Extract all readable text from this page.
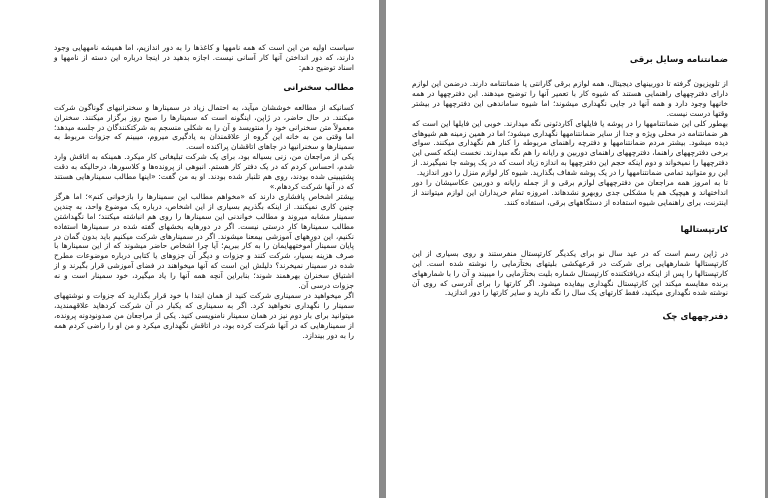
سیاست اولیه من این است که همه نامهها و کاغذها را به دور اندازیم، اما همیشه نامههایی وجود دارند، که دور انداختن آنها کار آسانی نیست. اجازه بدهید در اینجا درباره این دسته از نامهها و اسناد توضیح دهم:

مطالب سخنرانی

کسانیکه از مطالعه خوششان میآید، به احتمال زیاد در سمینارها و سخنرانیهای گوناگون شرکت میکنند. در حال حاضر، در ژاپن، اینگونه است که سمینارها را صبح روز برگزار میکنند. سخنران معمولاً متن سخنرانی خود را منتویسد و آن را به شکلی منسجم به شرکتکنندگان در جلسه میدهد؛ اما وقتی من به خانه این گروه از علاقمندان به یادگیری میروم، میبینم که جزوات مربوط به سمینارها و سخنرانیها در جاهای اتاقشان پراکنده است.

یکی از مراجعان من، زنی بسیاله بود، برای یک شرکت تبلیغاتی کار میکرد. همینکه به اتاقش وارد شدم، احساس کردم که در یک دفتر کار هستم. انبوهی از پرونده‌ها و کلاسورها، درحالیکه به دقت پشتیبینی شده بودند، روی هم تلنبار شده بودند. او به من گفت: «اینها مطالب سمینارهایی هستند که در آنها شرکت کردهام.»

بیشتر اشخاص پافشاری دارند که «مخواهم مطالب این سمینارها را بازخوانی کنم»؛ اما هرگز چنین کاری نمیکنند. از اینکه بگذریم بسیاری از این اشخاص، درباره یک موضوع واحد، به چندین سمینار مشابه میروند و مطالب خواندنی این سمینارها را روی هم انباشته میکنند؛ اما نگهداشتن مطالب سمینارها کار درستی نیست. اگر در دورهایه بخشهای گفته شده در سمینارها استفاده نکنیم، این دورههای آموزشی بیمعنا میشوند. اگر در سمینارهای شرکت میکنیم باید بدون گمان در پایان سمینار آموختههایمان را به کار ببریم؛ آیا چرا اشخاص حاضر میشوند که از این سمینارها با صرف هزینه بسیار، شرکت کنند و جزوات و دیگر آن جزوهای یا کتابی درباره موضوعات مطرح شده در سمینار نمیخرند؟ دلیلش این است که آنها میخواهند در فضای آموزشی قرار بگیرند و از اشتیاق سخنران بهرهمند شوند؛ بنابراین آنچه همه آنها را یاد میگیرد، خود سمینار است و نه جزوات درسی آن.

اگر میخواهید در سمیناری شرکت کنید از همان ابتدا با خود قرار بگذارید که جزوات و نوشتههای سمینار را نگهداری نخواهید کرد. اگر به سمیناری که یکبار در آن شرکت کردهاید علاقهمندید، میتوانید برای بار دوم نیز در همان سمینار نامنویسی کنید. یکی از مراجعان من صدونودونه پرونده، از سمینارهایی که در آنها شرکت کرده بود، در اتاقش نگهداری میکرد و من او را راضی کردم همه را به دور بیندازد.

ضمانتنامه وسایل برقی

از تلویزیون گرفته تا دوربینهای دیجیتال، همه لوازم برقی گارانتی یا ضمانتنامه دارند. درضمن این لوازم دارای دفترچههای راهنمایی هستند که شیوه کار با تعمیر آنها را توضیح میدهند. این دفترچهها در همه خانهها وجود دارد و همه آنها در جایی نگهداری میشوند؛ اما شیوه ساماندهی این دفترچهها در بیشتر وقتها درست نیست.

بهطور کلی این ضمانتنامهها را در پوشه یا فایلهای آکاردئونی نگه میدارند. خوبی این فایلها این است که هر ضمانتنامه در محلی ویژه و جدا از سایر ضمانتنامهها نگهداری میشود؛ اما در همین زمینه هم شیوهای دیده میشود. بیشتر مردم ضمانتنامهها و دفترچه راهنمای مربوطه را کنار هم نگهداری میکنند. سوای برخی دفترچههای راهنما، دفترچههای راهنمای دوربین و رایانه را هم نگه میدارند. نخست اینکه کسی این دفترچهها را نمیخواند و دوم اینکه حجم این دفترچهها به اندازه زیاد است که در یک پوشه جا نمیگیرند. از این رو متوانید تمامی ضمانتنامهها را در یک پوشه شفاف بگذارید. شیوه کار لوازم منزل را دور اندازید.

تا به امروز همه مراجعان من دفترچههای لوازم برقی و از جمله رایانه و دوربین عکاسیشان را دور انداختهاند و هیچیک هم با مشکلی جدی روبهرو نشدهاند. امروزه تمام خریداران این لوازم میتوانند از اینترنت، برای راهنمایی شیوه استفاده از دستگاههای برقی، استفاده کنند.

کارتپستالها

در ژاپن رسم است که در عید سال نو برای یکدیگر کارتپستال منفرستند و روی بسیاری از این کارتپستالها شمارههایی برای شرکت در قرعهکشی بلیتهای بختآزمایی را نوشته شده است. این کارتپستالها را پس از اینکه دریافتکننده کارتپستال شماره بلیت بختآزمایی را میبیند و آن را با شمارههای برنده مقایسه میکند این کارتپستال نگهداری بیفایده میشود. اگر کارتها را برای آدرسی که روی آن نوشته شده نگهداری میکنید، فقط کارتهای یک سال را نگه دارید و سایر کارتها را دور اندازید.

دفترچههای چک
